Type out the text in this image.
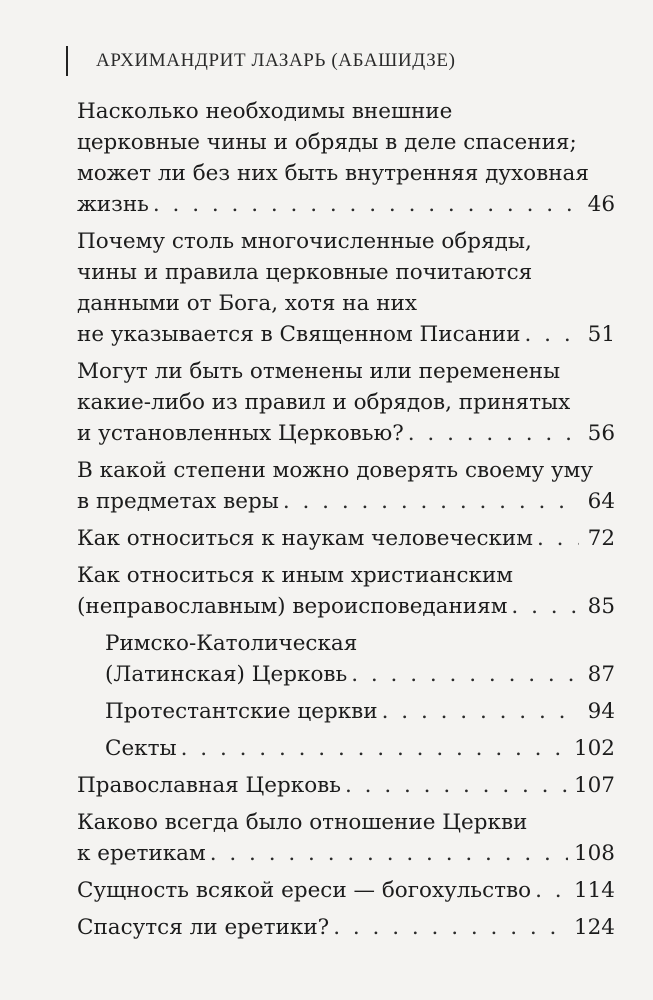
АРХИМАНДРИТ ЛАЗАРЬ (АБАШИДЗЕ)
Насколько необходимы внешние
церковные чины и обряды в деле спасения;
может ли без них быть внутренняя духовная
жизнь . . .	46
Почему столь многочисленные обряды,
чины и правила церковные почитаются
данными от Бога, хотя на них
не указывается в Священном Писании . . .	51
Могут ли быть отменены или переменены
какие-либо из правил и обрядов, принятых
и установленных Церковью? . . .	56
В какой степени можно доверять своему уму
в предметах веры . . .	64
Как относиться к наукам человеческим . . .	72
Как относиться к иным христианским
(неправославным) вероисповеданиям . . .	85
Римско-Католическая
(Латинская) Церковь . . .	87
Протестантские церкви . . .	94
Секты . . .	102
Православная Церковь . . .	107
Каково всегда было отношение Церкви
к еретикам . . .	108
Сущность всякой ереси — богохульство . . . 114
Спасутся ли еретики? . . .	124
